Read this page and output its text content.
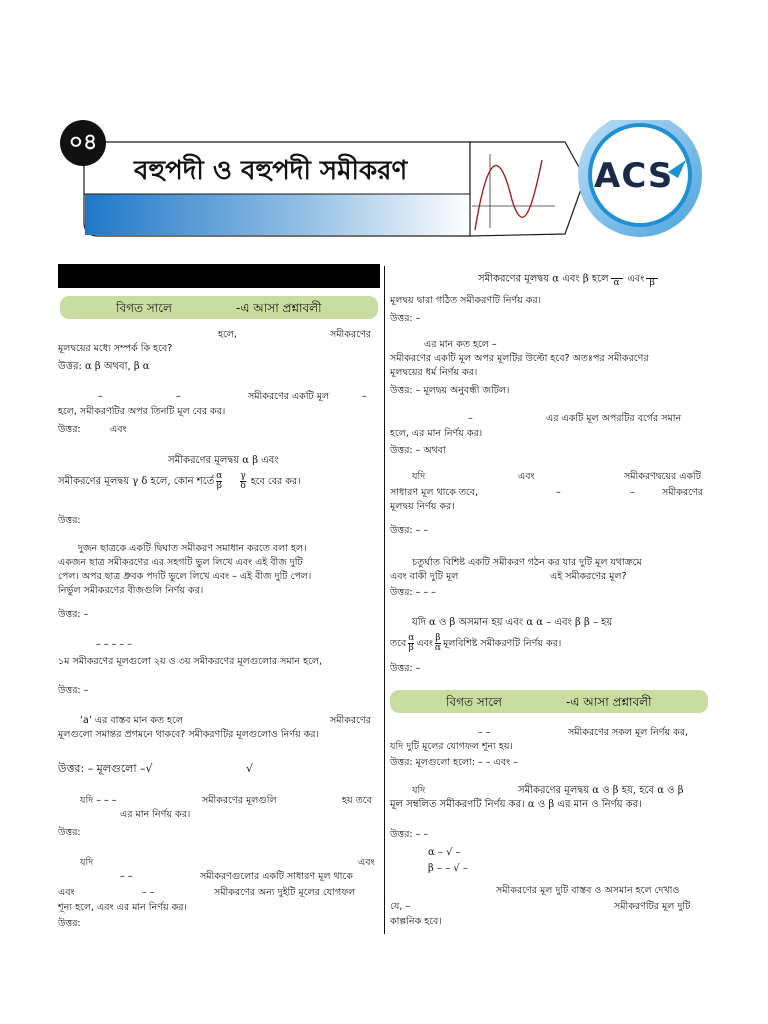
০৪
বহুপদী ও বহুপদী সমীকরণ	ACS
বিগত সালে	-এ আসা প্রশ্নাবলী
হলে,	সমীকরণের
মূলদ্বয়ের মধ্যে সম্পর্ক কি হবে?
উত্তর: α β অথবা, β α
–	–	সমীকরণের একটি মূল	–
হলে, সমীকরণটির অপর তিনটি মূল বের কর।
উত্তর:	এবং
সমীকরণের মূলদ্বয় α β এবং
সমীকরণের মূলদ্বয় γ δ হলে, কোন শর্তে $\frac{\alpha}{\beta} \frac{\gamma}{\delta}$ হবে বের কর।
উত্তর:
দুজন ছাত্রকে একটি দ্বিঘাত সমীকরণ সমাধান করতে বলা হল।
একজন ছাত্র সমীকরণের এর সহগটি ভুল লিখে এবং এই বীজ দুটি
পেল। অপর ছাত্র ধ্রুবক পদটি ভুলে লিখে এবং – এই বীজ দুটি পেল।
নির্ভুল সমীকরণের বীজগুলি নির্ণয় কর।
উত্তর: –
– – – – –
১ম সমীকরণের মূলগুলো ২য় ও ৩য় সমীকরণের মূলগুলোর সমান হলে,
উত্তর: –
‘a’ এর বাস্তব মান কত হলে	সমীকরণের
মূলগুলো সমান্তর প্রগমনে থাকবে? সমীকরণটির মূলগুলোও নির্ণয় কর।
উত্তর: – মূলগুলো –√	√
যদি – – –	সমীকরণের মূলগুলি	হয় তবে
এর মান নির্ণয় কর।
উত্তর:
যদি	এবং
– –	সমীকরণগুলোর একটি সাধারণ মূল থাকে
এবং	– –	সমীকরণের অন্য দুইটি মূলের যোগফল
শূন্য হলে, এবং এর মান নির্ণয় কর।
উত্তর:
সমীকরণের মূলদ্বয় α এবং β হলে α এবং β
মূলদ্বয় দ্বারা গঠিত সমীকরণটি নির্ণয় কর।
উত্তর: –
এর মান কত হলে –
সমীকরণের একটি মূল অপর মূলটির উল্টো হবে? অতঃপর সমীকরণের
মূলদ্বয়ের ধর্ম নির্ণয় কর।
উত্তর: – মূলদ্বয় অনুবন্ধী জটিল।
–	এর একটি মূল অপরটির বর্গের সমান
হলে, এর মান নির্ণয় কর।
উত্তর: – অথবা
যদি	এবং	সমীকরণদ্বয়ের একটি
সাধারণ মূল থাকে তবে,	–	–	সমীকরণের
মূলদ্বয় নির্ণয় কর।
উত্তর: – –
চতুর্ঘাত বিশিষ্ট একটি সমীকরণ গঠন কর যার দুটি মূল যথাক্রমে
এবং বাকী দুটি মূল	এই সমীকরণের মূল?
উত্তর: – – –
যদি α ও β অসমান হয় এবং α α – এবং β β – হয়
তবে $\frac{\alpha}{\beta}$ এবং $\frac{\beta}{\alpha}$ মূলবিশিষ্ট সমীকরণটি নির্ণয় কর।
উত্তর: –
বিগত সালে	-এ আসা প্রশ্নাবলী
– –	সমীকরণের সকল মূল নির্ণয় কর,
যদি দুটি মূলের যোগফল শূন্য হয়।
উত্তর: মূলগুলো হলো: – – এবং –
যদি	সমীকরণের মূলদ্বয় α ও β হয়, হবে α ও β
মূল সম্বলিত সমীকরণটি নির্ণয় কর। α ও β এর মান ও নির্ণয় কর।
উত্তর: – –
α – √ –
β – – √ –
সমীকরণের মূল দুটি বাস্তব ও অসমান হলে দেখাও
যে, –	সমীকরণটির মূল দুটি
কাল্পনিক হবে।
